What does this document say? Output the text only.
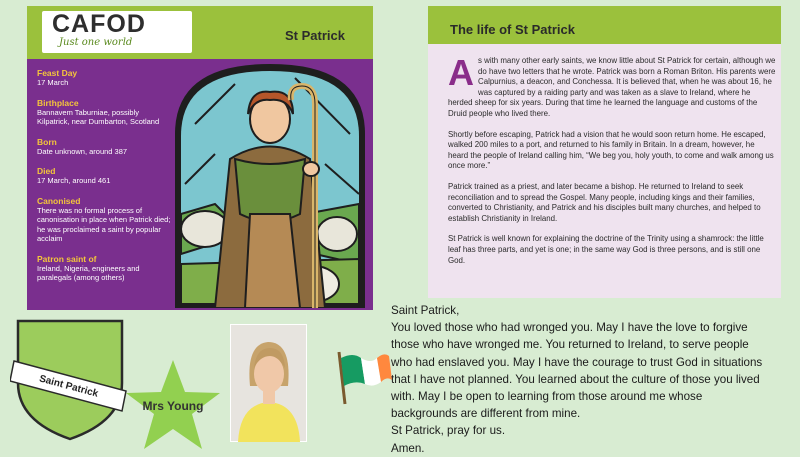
CAFOD
Just one world	St Patrick
Feast Day
17 March
Birthplace
Bannavem Taburniae, possibly Kilpatrick, near Dumbarton, Scotland
Born
Date unknown, around 387
Died
17 March, around 461
Canonised
There was no formal process of canonisation in place when Patrick died; he was proclaimed a saint by popular acclaim
Patron saint of
Ireland, Nigeria, engineers and paralegals (among others)
The life of St Patrick

As with many other early saints, we know little about St Patrick for certain, although we do have two letters that he wrote. Patrick was born a Roman Briton. His parents were Calpurnius, a deacon, and Conchessa. It is believed that, when he was about 16, he was captured by a raiding party and was taken as a slave to Ireland, where he herded sheep for six years. During that time he learned the language and customs of the Druid people who lived there.

Shortly before escaping, Patrick had a vision that he would soon return home. He escaped, walked 200 miles to a port, and returned to his family in Britain. In a dream, however, he heard the people of Ireland calling him, “We beg you, holy youth, to come and walk among us once more.”

Patrick trained as a priest, and later became a bishop. He returned to Ireland to seek reconciliation and to spread the Gospel. Many people, including kings and their families, converted to Christianity, and Patrick and his disciples built many churches, and helped to establish Christianity in Ireland.

St Patrick is well known for explaining the doctrine of the Trinity using a shamrock: the little leaf has three parts, and yet is one; in the same way God is three persons, and is still one God.

Saint Patrick
Mrs Young
Saint Patrick,
You loved those who had wronged you. May I have the love to forgive
those who have wronged me. You returned to Ireland, to serve people
who had enslaved you. May I have the courage to trust God in situations
that I have not planned. You learned about the culture of those you lived
with. May I be open to learning from those around me whose
backgrounds are different from mine.
St Patrick, pray for us.
Amen.
